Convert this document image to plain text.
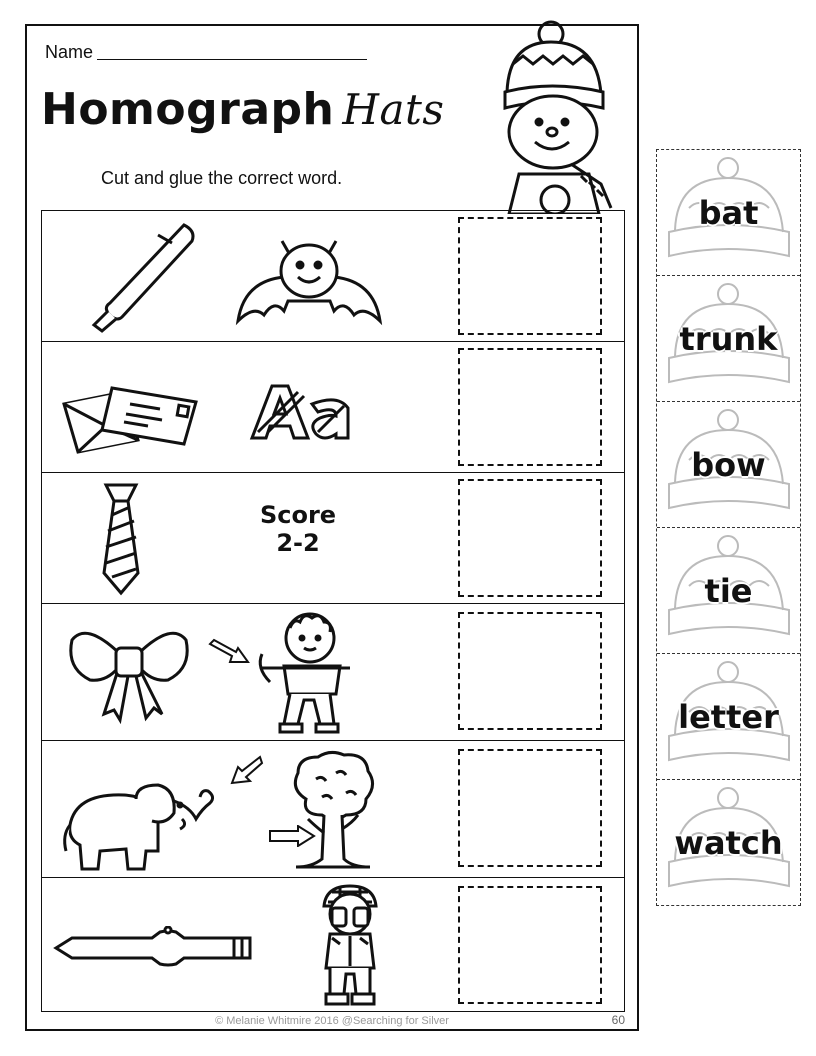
Name
Homograph Hats
Cut and glue the correct word.
Score
2-2
© Melanie Whitmire 2016 @Searching for Silver	60
bat
trunk
bow
tie
letter
watch
